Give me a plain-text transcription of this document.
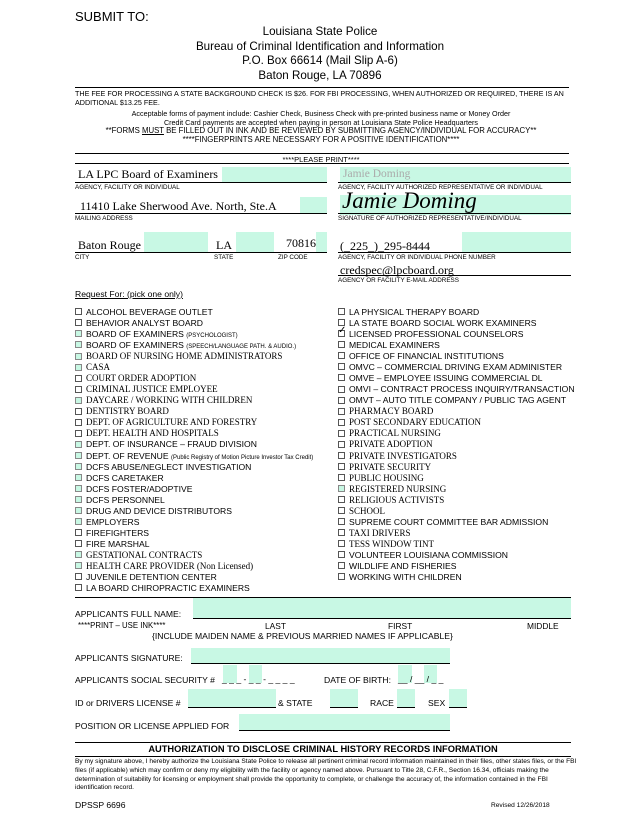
SUBMIT TO:
Louisiana State Police
Bureau of Criminal Identification and Information
P.O. Box 66614 (Mail Slip A-6)
Baton Rouge, LA 70896
THE FEE FOR PROCESSING A STATE BACKGROUND CHECK IS $26. FOR FBI PROCESSING, WHEN AUTHORIZED OR REQUIRED, THERE IS AN ADDITIONAL $13.25 FEE.
Acceptable forms of payment include: Cashier Check, Business Check with pre-printed business name or Money Order
Credit Card payments are accepted when paying in person at Louisiana State Police Headquarters
**FORMS MUST BE FILLED OUT IN INK AND BE REVIEWED BY SUBMITTING AGENCY/INDIVIDUAL FOR ACCURACY**
****FINGERPRINTS ARE NECESSARY FOR A POSITIVE IDENTIFICATION****
****PLEASE PRINT****
LA LPC Board of Examiners
AGENCY, FACILITY OR INDIVIDUAL
Jamie Doming
AGENCY, FACILITY AUTHORIZED REPRESENTATIVE OR INDIVIDUAL
11410 Lake Sherwood Ave. North, Ste.A
MAILING ADDRESS
Jamie Doming
SIGNATURE OF AUTHORIZED REPRESENTATIVE/INDIVIDUAL
Baton Rouge	LA	70816
CITY	STATE	ZIP CODE
(_225_)_295-8444
AGENCY, FACILITY OR INDIVIDUAL PHONE NUMBER
credspec@lpcboard.org
AGENCY OR FACILITY E-MAIL ADDRESS
Request For: (pick one only)
ALCOHOL BEVERAGE OUTLET
BEHAVIOR ANALYST BOARD
BOARD OF EXAMINERS (PSYCHOLOGIST)
BOARD OF EXAMINERS (SPEECH/LANGUAGE PATH. & AUDIO.)
BOARD OF NURSING HOME ADMINISTRATORS
CASA
COURT ORDER ADOPTION
CRIMINAL JUSTICE EMPLOYEE
DAYCARE / WORKING WITH CHILDREN
DENTISTRY BOARD
DEPT. OF AGRICULTURE AND FORESTRY
DEPT. HEALTH AND HOSPITALS
DEPT. OF INSURANCE – FRAUD DIVISION
DEPT. OF REVENUE (Public Registry of Motion Picture Investor Tax Credit)
DCFS ABUSE/NEGLECT INVESTIGATION
DCFS CARETAKER
DCFS FOSTER/ADOPTIVE
DCFS PERSONNEL
DRUG AND DEVICE DISTRIBUTORS
EMPLOYERS
FIREFIGHTERS
FIRE MARSHAL
GESTATIONAL CONTRACTS
HEALTH CARE PROVIDER (Non Licensed)
JUVENILE DETENTION CENTER
LA BOARD CHIROPRACTIC EXAMINERS
LA PHYSICAL THERAPY BOARD
LA STATE BOARD SOCIAL WORK EXAMINERS
✓LICENSED PROFESSIONAL COUNSELORS
MEDICAL EXAMINERS
OFFICE OF FINANCIAL INSTITUTIONS
OMVC – COMMERCIAL DRIVING EXAM ADMINISTER
OMVE – EMPLOYEE ISSUING COMMERCIAL DL
OMVI – CONTRACT PROCESS INQUIRY/TRANSACTION
OMVT – AUTO TITLE COMPANY / PUBLIC TAG AGENT
PHARMACY BOARD
POST SECONDARY EDUCATION
PRACTICAL NURSING
PRIVATE ADOPTION
PRIVATE INVESTIGATORS
PRIVATE SECURITY
PUBLIC HOUSING
REGISTERED NURSING
RELIGIOUS ACTIVISTS
SCHOOL
SUPREME COURT COMMITTEE BAR ADMISSION
TAXI DRIVERS
TESS WINDOW TINT
VOLUNTEER LOUISIANA COMMISSION
WILDLIFE AND FISHERIES
WORKING WITH CHILDREN
APPLICANTS FULL NAME:
****PRINT – USE INK****	LAST	FIRST	MIDDLE
{INCLUDE MAIDEN NAME & PREVIOUS MARRIED NAMES IF APPLICABLE}
APPLICANTS SIGNATURE:
APPLICANTS SOCIAL SECURITY # _ _ _ - _ _ - _ _ _ _	DATE OF BIRTH: __ / __ / _ _
ID or DRIVERS LICENSE #	& STATE	RACE	SEX
POSITION OR LICENSE APPLIED FOR
AUTHORIZATION TO DISCLOSE CRIMINAL HISTORY RECORDS INFORMATION
By my signature above, I hereby authorize the Louisiana State Police to release all pertinent criminal record information maintained in their files, other states files, or the FBI files (if applicable) which may confirm or deny my eligibility with the facility or agency named above. Pursuant to Title 28, C.F.R., Section 16.34, officials making the determination of suitability for licensing or employment shall provide the opportunity to complete, or challenge the accuracy of, the information contained in the FBI identification record.
DPSSP 6696	Revised 12/26/2018
